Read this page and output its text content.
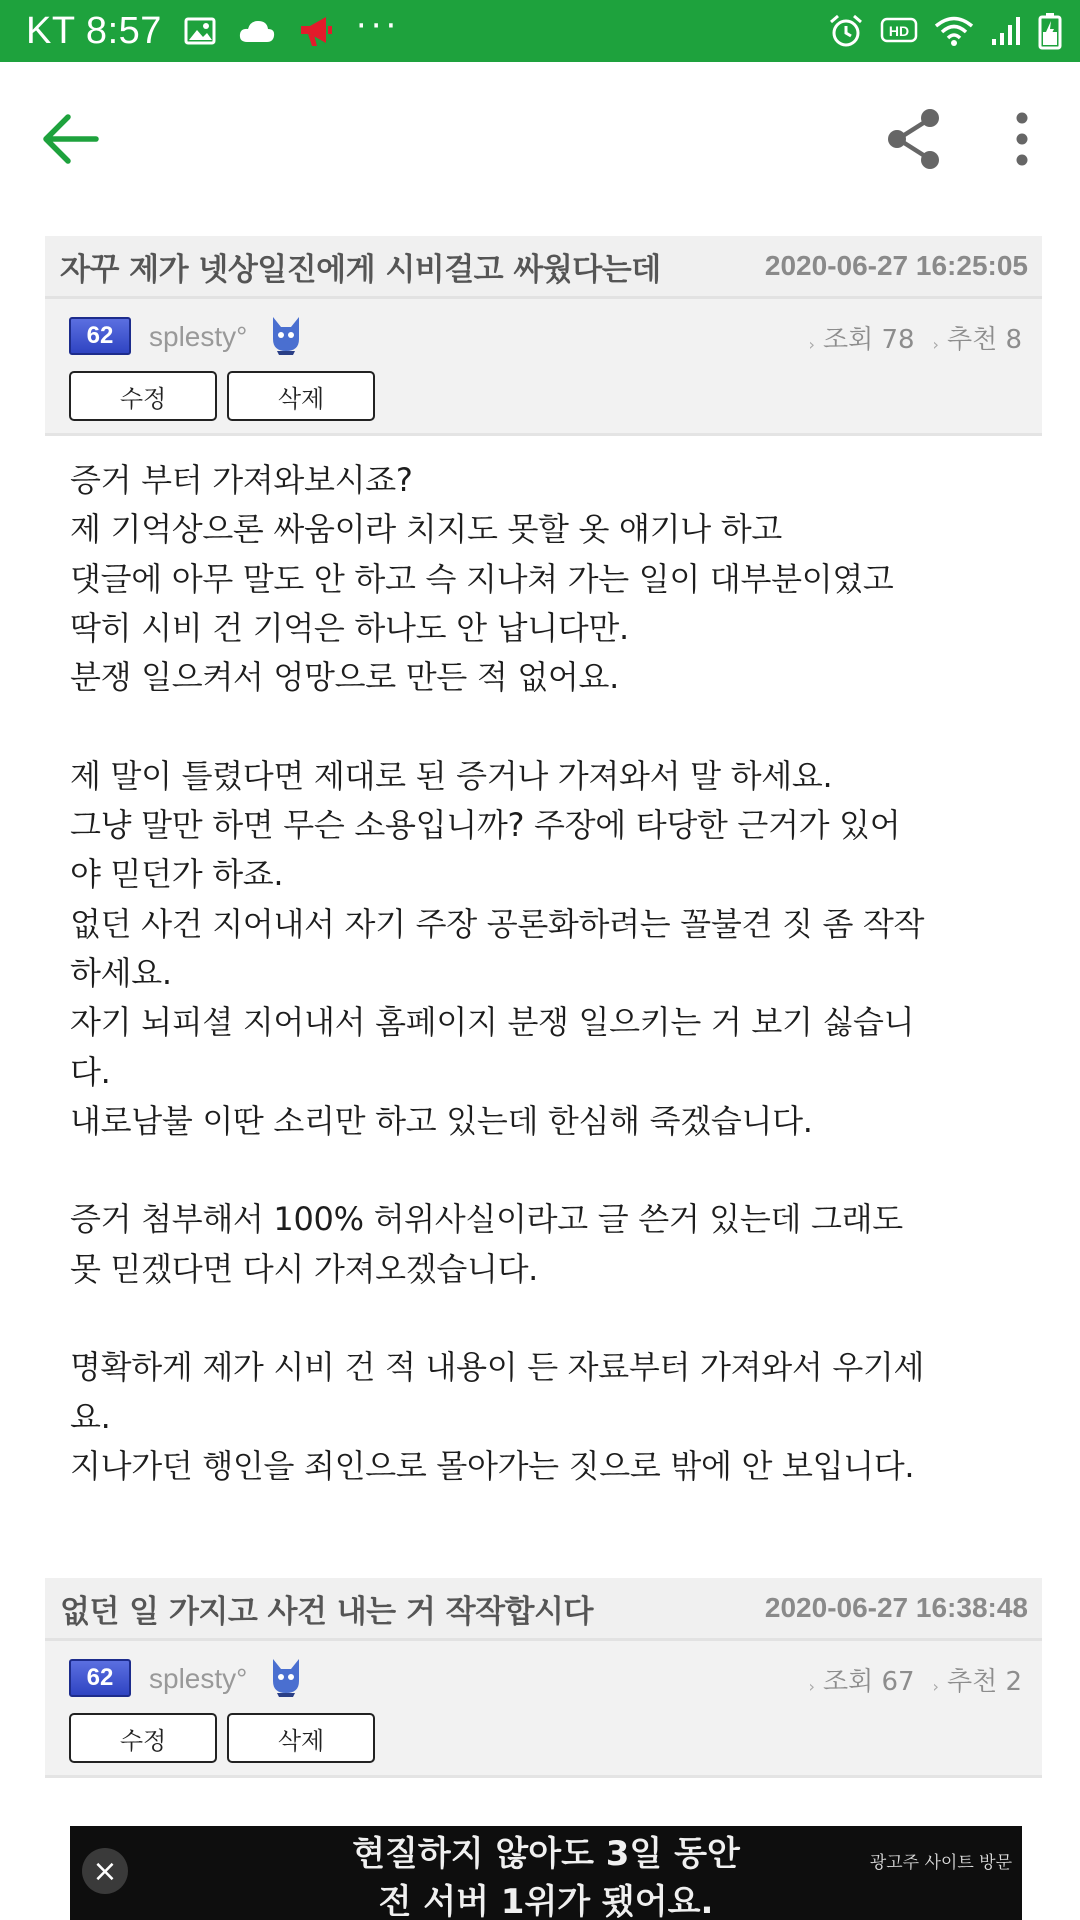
KT 8:57	···	HD
자꾸 제가 넷상일진에게 시비걸고 싸웠다는데	2020-06-27 16:25:05
62	splesty°	› 조회 78 › 추천 8
수정	삭제

증거 부터 가져와보시죠?

제 기억상으론 싸움이라 치지도 못할 옷 얘기나 하고

댓글에 아무 말도 안 하고 슥 지나쳐 가는 일이 대부분이였고

딱히 시비 건 기억은 하나도 안 납니다만.

분쟁 일으켜서 엉망으로 만든 적 없어요.

제 말이 틀렸다면 제대로 된 증거나 가져와서 말 하세요.

그냥 말만 하면 무슨 소용입니까? 주장에 타당한 근거가 있어

야 믿던가 하죠.

없던 사건 지어내서 자기 주장 공론화하려는 꼴불견 짓 좀 작작

하세요.

자기 뇌피셜 지어내서 홈페이지 분쟁 일으키는 거 보기 싫습니

다.

내로남불 이딴 소리만 하고 있는데 한심해 죽겠습니다.

증거 첨부해서 100% 허위사실이라고 글 쓴거 있는데 그래도

못 믿겠다면 다시 가져오겠습니다.

명확하게 제가 시비 건 적 내용이 든 자료부터 가져와서 우기세

요.

지나가던 행인을 죄인으로 몰아가는 짓으로 밖에 안 보입니다.

없던 일 가지고 사건 내는 거 작작합시다	2020-06-27 16:38:48
62	splesty°	› 조회 67 › 추천 2
수정	삭제
×	현질하지 않아도 3일 동안
전 서버 1위가 됐어요.
광고주 사이트 방문
